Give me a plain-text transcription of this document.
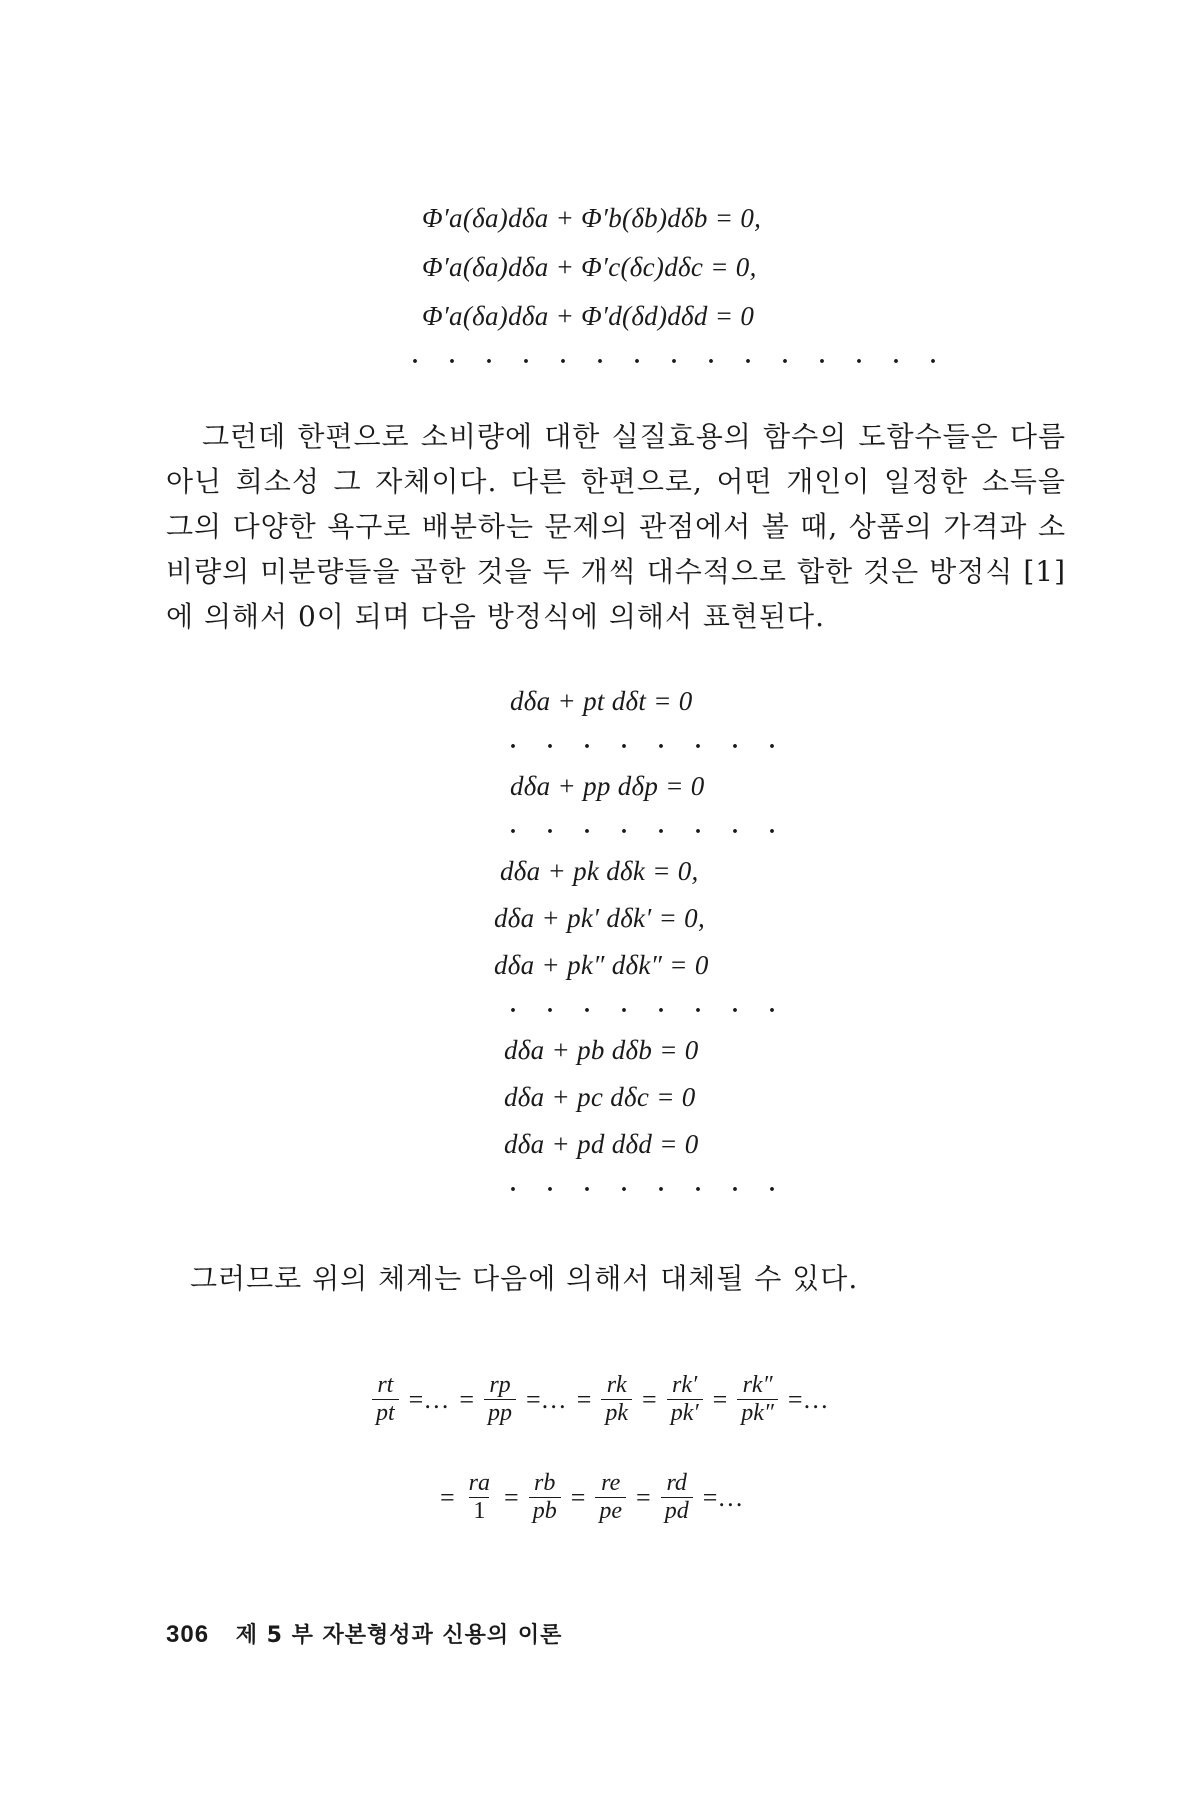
Φ′a(δa)dδa + Φ′b(δb)dδb = 0,
Φ′a(δa)dδa + Φ′c(δc)dδc = 0,
Φ′a(δa)dδa + Φ′d(δd)dδd = 0
. . . . . . . . . . . . . . .

그런데 한편으로 소비량에 대한 실질효용의 함수의 도함수들은 다름 아닌 희소성 그 자체이다. 다른 한편으로, 어떤 개인이 일정한 소득을 그의 다양한 욕구로 배분하는 문제의 관점에서 볼 때, 상품의 가격과 소비량의 미분량들을 곱한 것을 두 개씩 대수적으로 합한 것은 방정식 [1]에 의해서 0이 되며 다음 방정식에 의해서 표현된다.

dδa + pt dδt = 0
. . . . . . . .
dδa + pp dδp = 0
. . . . . . . .
dδa + pk dδk = 0,
dδa + pk′ dδk′ = 0,
dδa + pk″ dδk″ = 0
. . . . . . . .
dδa + pb dδb = 0
dδa + pc dδc = 0
dδa + pd dδd = 0
. . . . . . . .

그러므로 위의 체계는 다음에 의해서 대체될 수 있다.

$\frac{rt}{pt}$ =… = $\frac{rp}{pp}$ =… = $\frac{rk}{pk} = \frac{rk'}{pk'} = \frac{rk''}{pk''}$ =…
= $\frac{ra}{1} = \frac{rb}{pb} = \frac{re}{pe} = \frac{rd}{pd}$ =…
306 제 5 부 자본형성과 신용의 이론
